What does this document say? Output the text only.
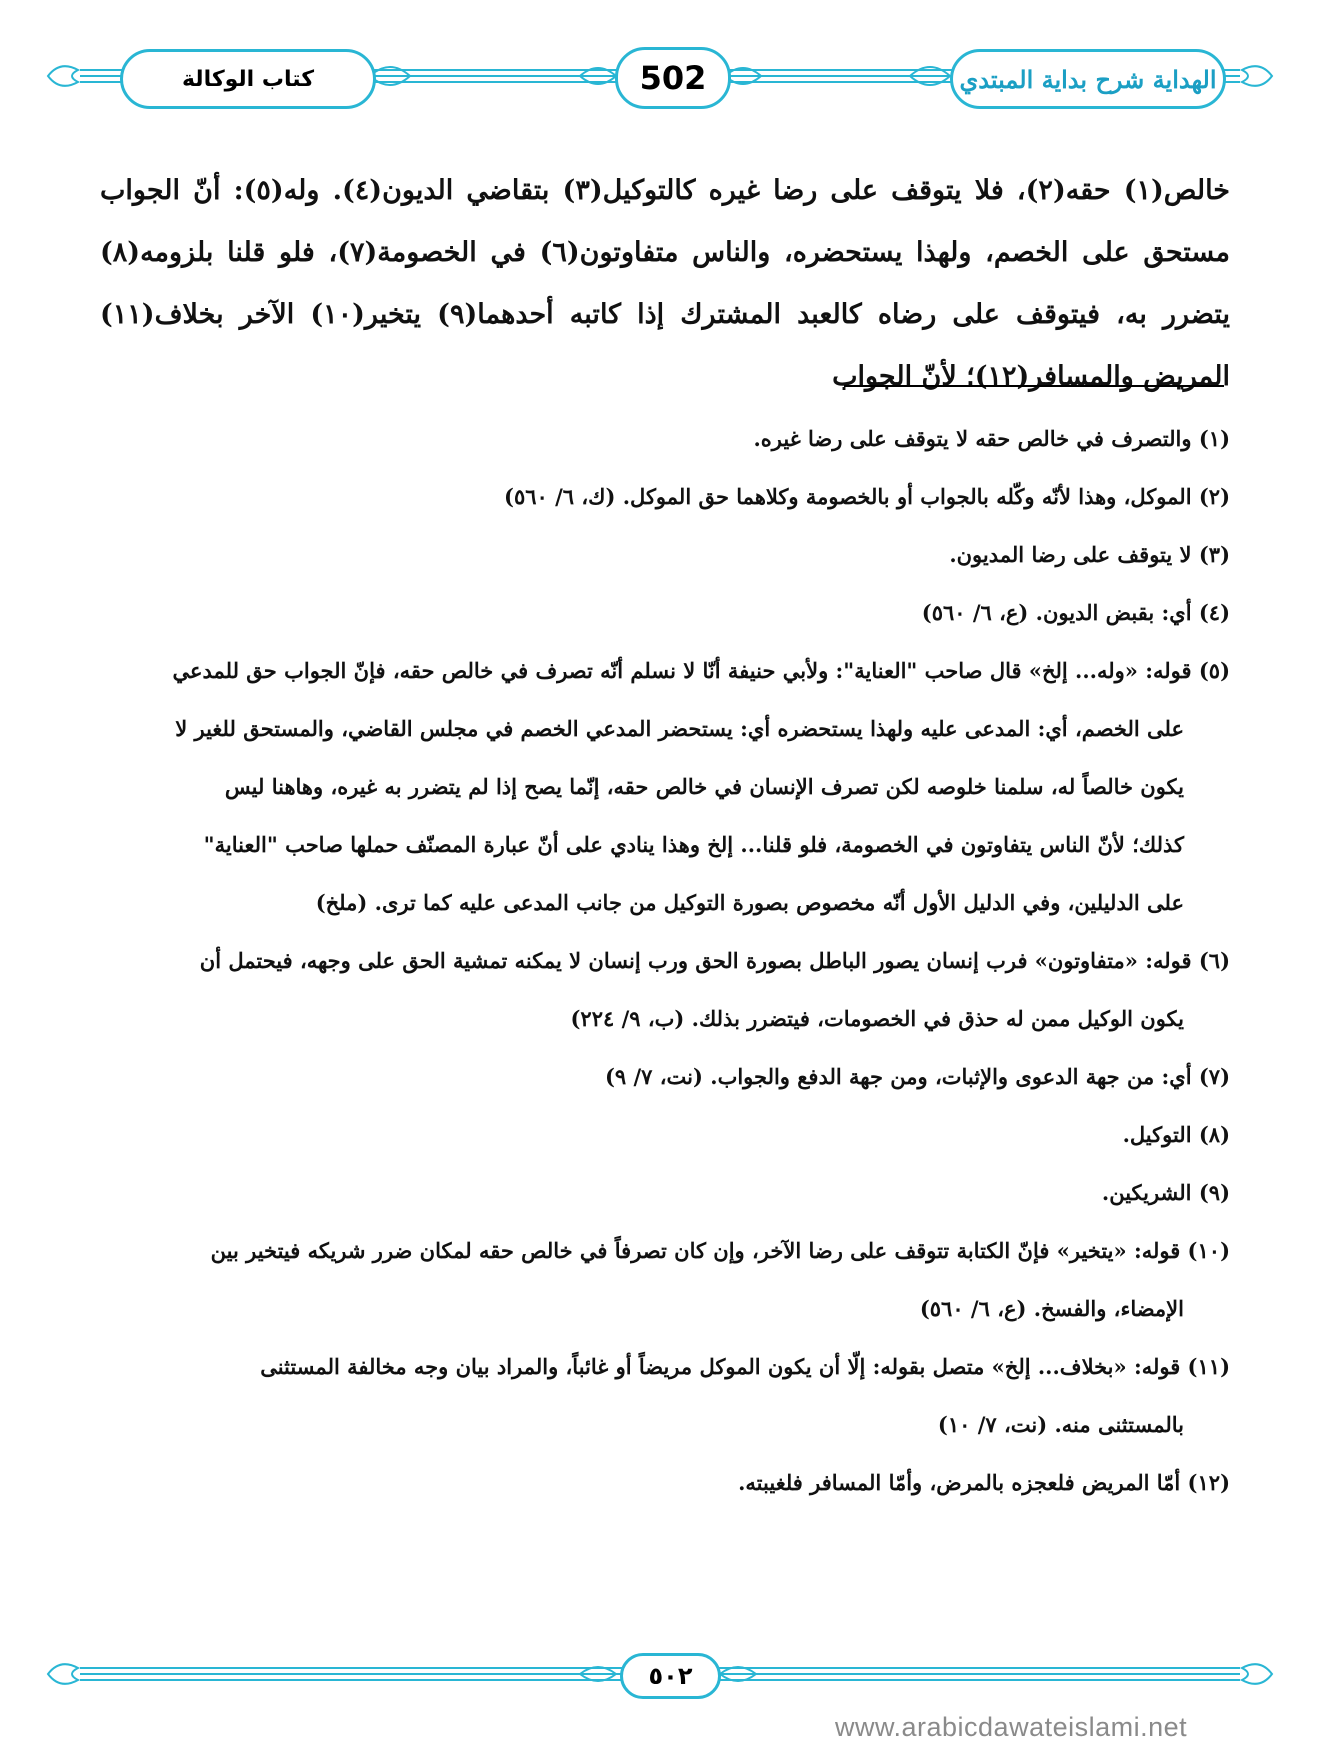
كتاب الوكالة	502	الهداية شرح بداية المبتدي
خالص(١) حقه(٢)، فلا يتوقف على رضا غيره كالتوكيل(٣) بتقاضي الديون(٤). وله(٥): أنّ الجواب مستحق على الخصم، ولهذا يستحضره، والناس متفاوتون(٦) في الخصومة(٧)، فلو قلنا بلزومه(٨) يتضرر به، فيتوقف على رضاه كالعبد المشترك إذا كاتبه أحدهما(٩) يتخير(١٠) الآخر بخلاف(١١) المريض والمسافر(١٢)؛ لأنّ الجواب
(١) والتصرف في خالص حقه لا يتوقف على رضا غيره.
(٢) الموكل، وهذا لأنّه وكّله بالجواب أو بالخصومة وكلاهما حق الموكل. (ك، ٦/ ٥٦٠)
(٣) لا يتوقف على رضا المديون.
(٤) أي: بقبض الديون. (ع، ٦/ ٥٦٠)
(٥) قوله: «وله... إلخ» قال صاحب "العناية": ولأبي حنيفة أنّا لا نسلم أنّه تصرف في خالص حقه، فإنّ الجواب حق للمدعي
على الخصم، أي: المدعى عليه ولهذا يستحضره أي: يستحضر المدعي الخصم في مجلس القاضي، والمستحق للغير لا
يكون خالصاً له، سلمنا خلوصه لكن تصرف الإنسان في خالص حقه، إنّما يصح إذا لم يتضرر به غيره، وهاهنا ليس
كذلك؛ لأنّ الناس يتفاوتون في الخصومة، فلو قلنا... إلخ وهذا ينادي على أنّ عبارة المصنّف حملها صاحب "العناية"
على الدليلين، وفي الدليل الأول أنّه مخصوص بصورة التوكيل من جانب المدعى عليه كما ترى. (ملخ)
(٦) قوله: «متفاوتون» فرب إنسان يصور الباطل بصورة الحق ورب إنسان لا يمكنه تمشية الحق على وجهه، فيحتمل أن
يكون الوكيل ممن له حذق في الخصومات، فيتضرر بذلك. (ب، ٩/ ٢٢٤)
(٧) أي: من جهة الدعوى والإثبات، ومن جهة الدفع والجواب. (نت، ٧/ ٩)
(٨) التوكيل.
(٩) الشريكين.
(١٠) قوله: «يتخير» فإنّ الكتابة تتوقف على رضا الآخر، وإن كان تصرفاً في خالص حقه لمكان ضرر شريكه فيتخير بين
الإمضاء، والفسخ. (ع، ٦/ ٥٦٠)
(١١) قوله: «بخلاف... إلخ» متصل بقوله: إلّا أن يكون الموكل مريضاً أو غائباً، والمراد بيان وجه مخالفة المستثنى
بالمستثنى منه. (نت، ٧/ ١٠)
(١٢) أمّا المريض فلعجزه بالمرض، وأمّا المسافر فلغيبته.
٥٠٢
www.arabicdawateislami.net
